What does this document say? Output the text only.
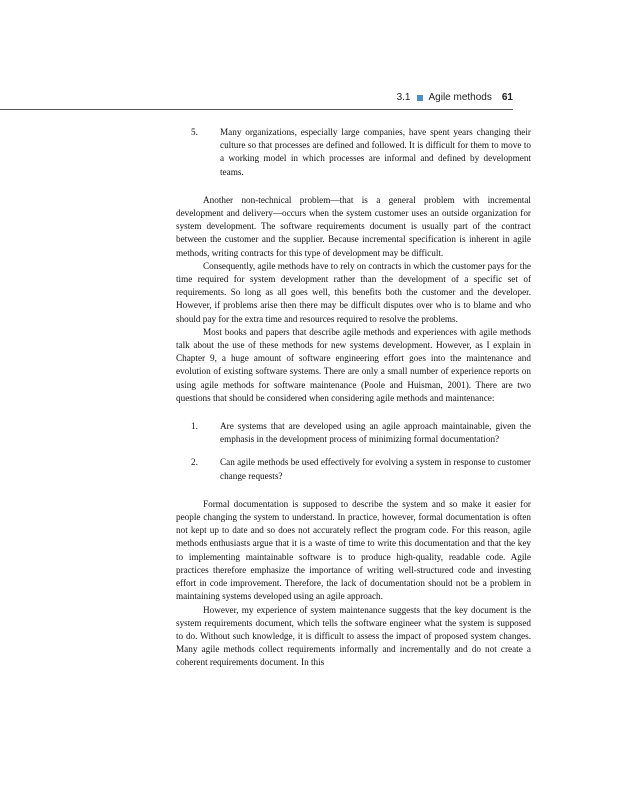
3.1 Agile methods 61
5. Many organizations, especially large companies, have spent years changing their culture so that processes are defined and followed. It is difficult for them to move to a working model in which processes are informal and defined by development teams.

Another non-technical problem—that is a general problem with incremental development and delivery—occurs when the system customer uses an outside organization for system development. The software requirements document is usually part of the contract between the customer and the supplier. Because incremental specification is inherent in agile methods, writing contracts for this type of development may be difficult.

Consequently, agile methods have to rely on contracts in which the customer pays for the time required for system development rather than the development of a specific set of requirements. So long as all goes well, this benefits both the customer and the developer. However, if problems arise then there may be difficult disputes over who is to blame and who should pay for the extra time and resources required to resolve the problems.

Most books and papers that describe agile methods and experiences with agile methods talk about the use of these methods for new systems development. However, as I explain in Chapter 9, a huge amount of software engineering effort goes into the maintenance and evolution of existing software systems. There are only a small number of experience reports on using agile methods for software maintenance (Poole and Huisman, 2001). There are two questions that should be considered when considering agile methods and maintenance:

1. Are systems that are developed using an agile approach maintainable, given the emphasis in the development process of minimizing formal documentation?
2. Can agile methods be used effectively for evolving a system in response to customer change requests?

Formal documentation is supposed to describe the system and so make it easier for people changing the system to understand. In practice, however, formal documentation is often not kept up to date and so does not accurately reflect the program code. For this reason, agile methods enthusiasts argue that it is a waste of time to write this documentation and that the key to implementing maintainable software is to produce high-quality, readable code. Agile practices therefore emphasize the importance of writing well-structured code and investing effort in code improvement. Therefore, the lack of documentation should not be a problem in maintaining systems developed using an agile approach.

However, my experience of system maintenance suggests that the key document is the system requirements document, which tells the software engineer what the system is supposed to do. Without such knowledge, it is difficult to assess the impact of proposed system changes. Many agile methods collect requirements informally and incrementally and do not create a coherent requirements document. In this
